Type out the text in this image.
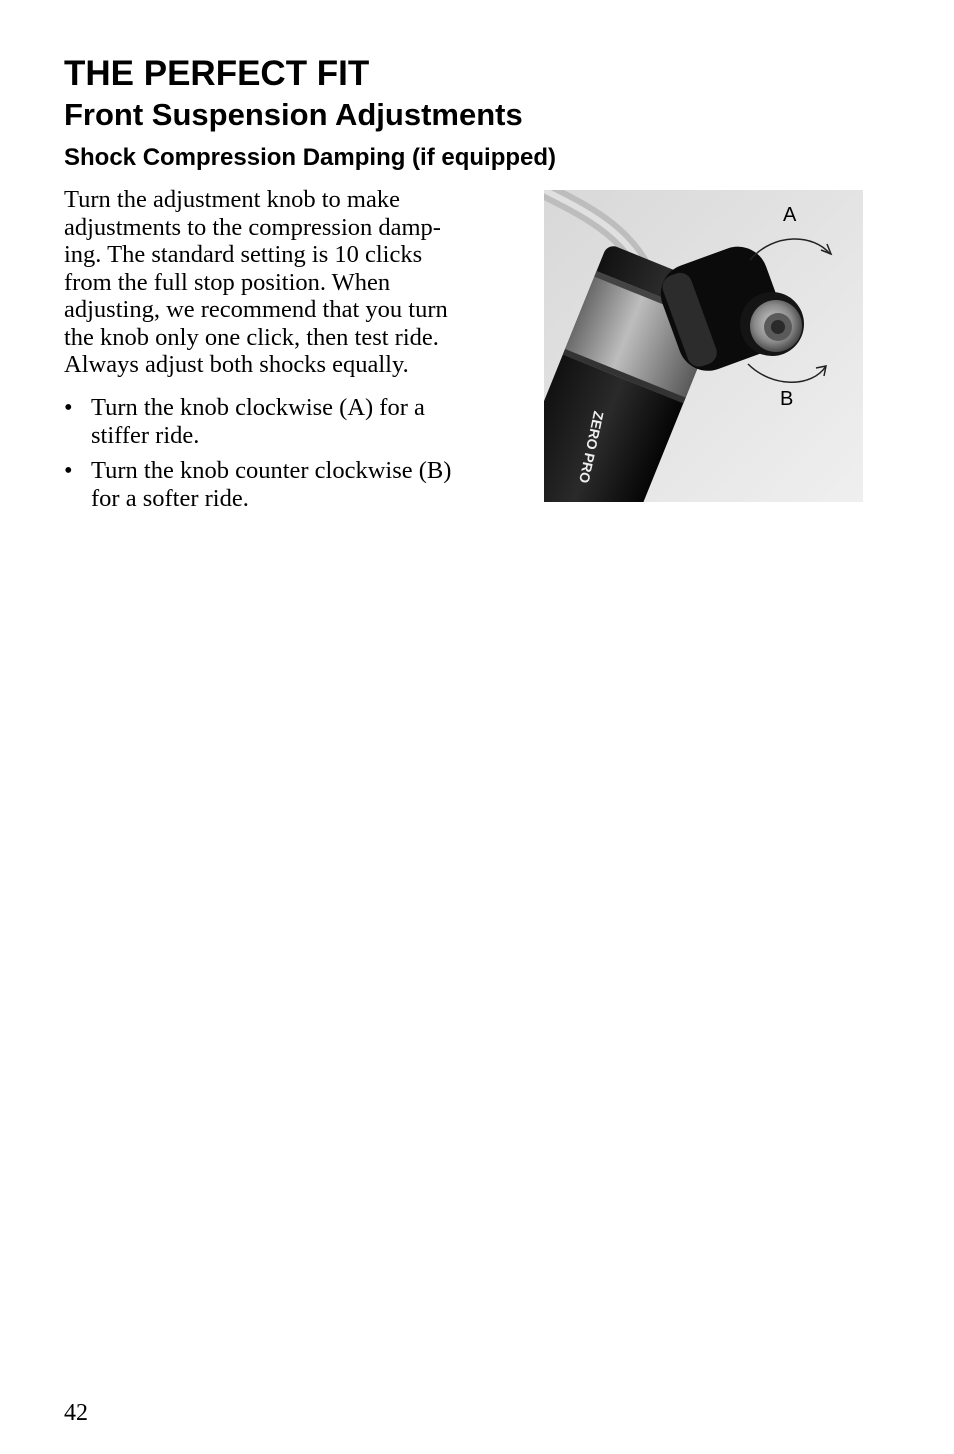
THE PERFECT FIT
Front Suspension Adjustments
Shock Compression Damping (if equipped)

Turn the adjustment knob to make
adjustments to the compression damp-
ing. The standard setting is 10 clicks
from the full stop position. When
adjusting, we recommend that you turn
the knob only one click, then test ride.
Always adjust both shocks equally.

• Turn the knob clockwise (A) for a
stiffer ride.
• Turn the knob counter clockwise (B)
for a softer ride.
ZERO PRO
A
B
42
